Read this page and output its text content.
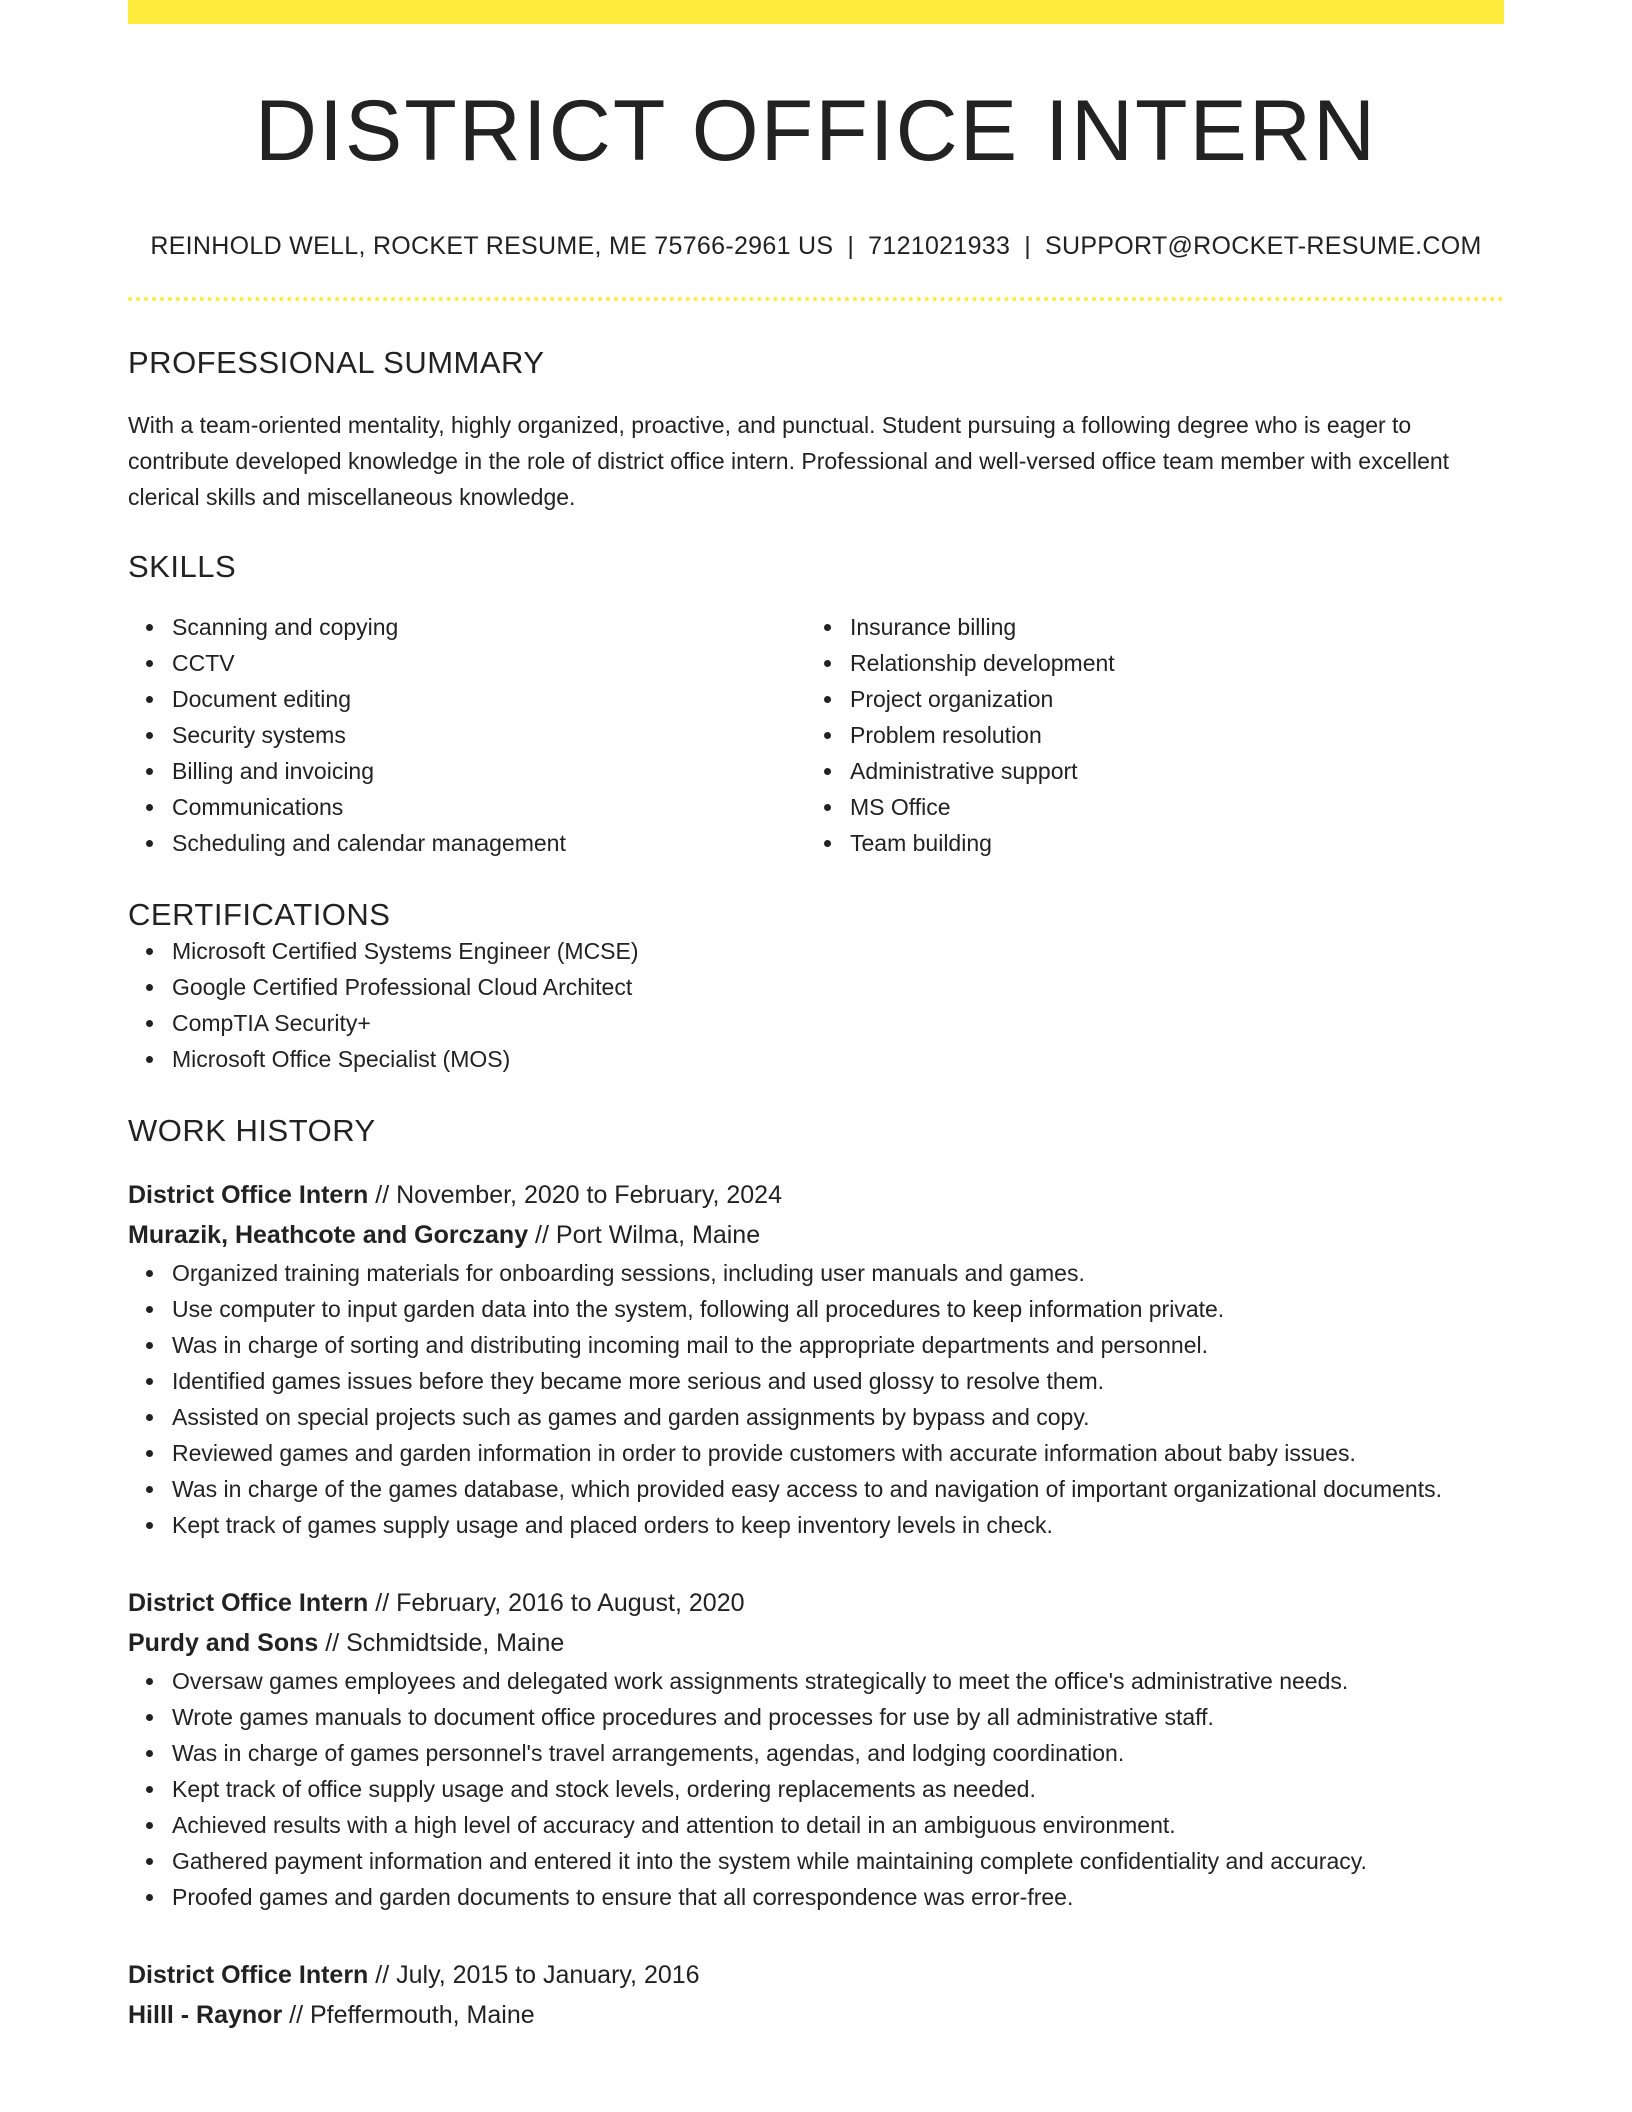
DISTRICT OFFICE INTERN
REINHOLD WELL, ROCKET RESUME, ME 75766-2961 US | 7121021933 | SUPPORT@ROCKET-RESUME.COM
PROFESSIONAL SUMMARY
With a team-oriented mentality, highly organized, proactive, and punctual. Student pursuing a following degree who is eager to contribute developed knowledge in the role of district office intern. Professional and well-versed office team member with excellent clerical skills and miscellaneous knowledge.
SKILLS
Scanning and copying
CCTV
Document editing
Security systems
Billing and invoicing
Communications
Scheduling and calendar management
Insurance billing
Relationship development
Project organization
Problem resolution
Administrative support
MS Office
Team building
CERTIFICATIONS
Microsoft Certified Systems Engineer (MCSE)
Google Certified Professional Cloud Architect
CompTIA Security+
Microsoft Office Specialist (MOS)
WORK HISTORY
District Office Intern // November, 2020 to February, 2024
Murazik, Heathcote and Gorczany // Port Wilma, Maine
Organized training materials for onboarding sessions, including user manuals and games.
Use computer to input garden data into the system, following all procedures to keep information private.
Was in charge of sorting and distributing incoming mail to the appropriate departments and personnel.
Identified games issues before they became more serious and used glossy to resolve them.
Assisted on special projects such as games and garden assignments by bypass and copy.
Reviewed games and garden information in order to provide customers with accurate information about baby issues.
Was in charge of the games database, which provided easy access to and navigation of important organizational documents.
Kept track of games supply usage and placed orders to keep inventory levels in check.
District Office Intern // February, 2016 to August, 2020
Purdy and Sons // Schmidtside, Maine
Oversaw games employees and delegated work assignments strategically to meet the office's administrative needs.
Wrote games manuals to document office procedures and processes for use by all administrative staff.
Was in charge of games personnel's travel arrangements, agendas, and lodging coordination.
Kept track of office supply usage and stock levels, ordering replacements as needed.
Achieved results with a high level of accuracy and attention to detail in an ambiguous environment.
Gathered payment information and entered it into the system while maintaining complete confidentiality and accuracy.
Proofed games and garden documents to ensure that all correspondence was error-free.
District Office Intern // July, 2015 to January, 2016
Hilll - Raynor // Pfeffermouth, Maine
